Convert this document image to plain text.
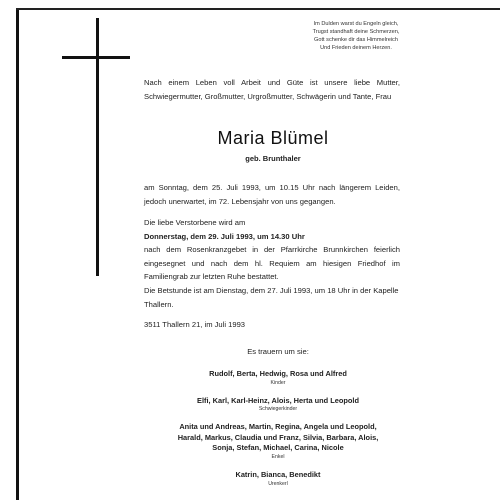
Im Dulden warst du Engeln gleich,
Trugst standhaft deine Schmerzen,
Gott schenke dir das Himmelreich
Und Frieden deinem Herzen.
Nach einem Leben voll Arbeit und Güte ist unsere liebe Mutter, Schwiegermutter, Großmutter, Urgroßmutter, Schwägerin und Tante, Frau
Maria Blümel
geb. Brunthaler
am Sonntag, dem 25. Juli 1993, um 10.15 Uhr nach längerem Leiden, jedoch unerwartet, im 72. Lebensjahr von uns gegangen.
Die liebe Verstorbene wird am
Donnerstag, dem 29. Juli 1993, um 14.30 Uhr
nach dem Rosenkranzgebet in der Pfarrkirche Brunnkirchen feierlich eingesegnet und nach dem hl. Requiem am hiesigen Friedhof im Familiengrab zur letzten Ruhe bestattet.
Die Betstunde ist am Dienstag, dem 27. Juli 1993, um 18 Uhr in der Kapelle Thallern.
3511 Thallern 21, im Juli 1993
Es trauern um sie:
Rudolf, Berta, Hedwig, Rosa und Alfred
Kinder
Elfi, Karl, Karl-Heinz, Alois, Herta und Leopold
Schwiegerkinder
Anita und Andreas, Martin, Regina, Angela und Leopold,
Harald, Markus, Claudia und Franz, Silvia, Barbara, Alois,
Sonja, Stefan, Michael, Carina, Nicole
Enkel
Katrin, Bianca, Benedikt
Urenkerl
